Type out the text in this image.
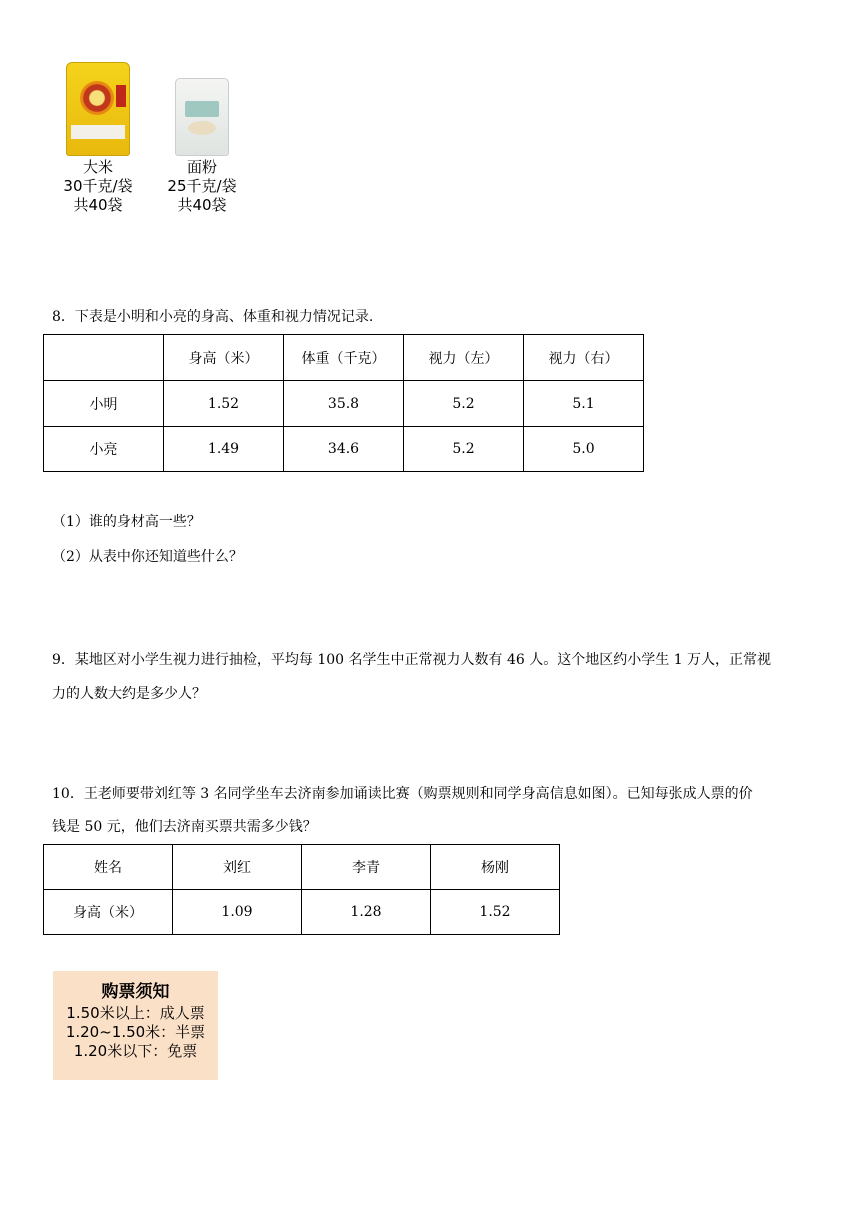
大米
30千克/袋
共40袋
面粉
25千克/袋
共40袋
8．下表是小明和小亮的身高、体重和视力情况记录.
	身高（米）	体重（千克）	视力（左）	视力（右）
小明	1.52	35.8	5.2	5.1
小亮	1.49	34.6	5.2	5.0
（1）谁的身材高一些？
（2）从表中你还知道些什么？
9．某地区对小学生视力进行抽检，平均每 100 名学生中正常视力人数有 46 人。这个地区约小学生 1 万人，正常视
力的人数大约是多少人？
10．王老师要带刘红等 3 名同学坐车去济南参加诵读比赛（购票规则和同学身高信息如图）。已知每张成人票的价
钱是 50 元，他们去济南买票共需多少钱？
姓名	刘红	李青	杨刚
身高（米）	1.09	1.28	1.52
购票须知
1.50米以上：成人票
1.20~1.50米：半票
1.20米以下：免票
